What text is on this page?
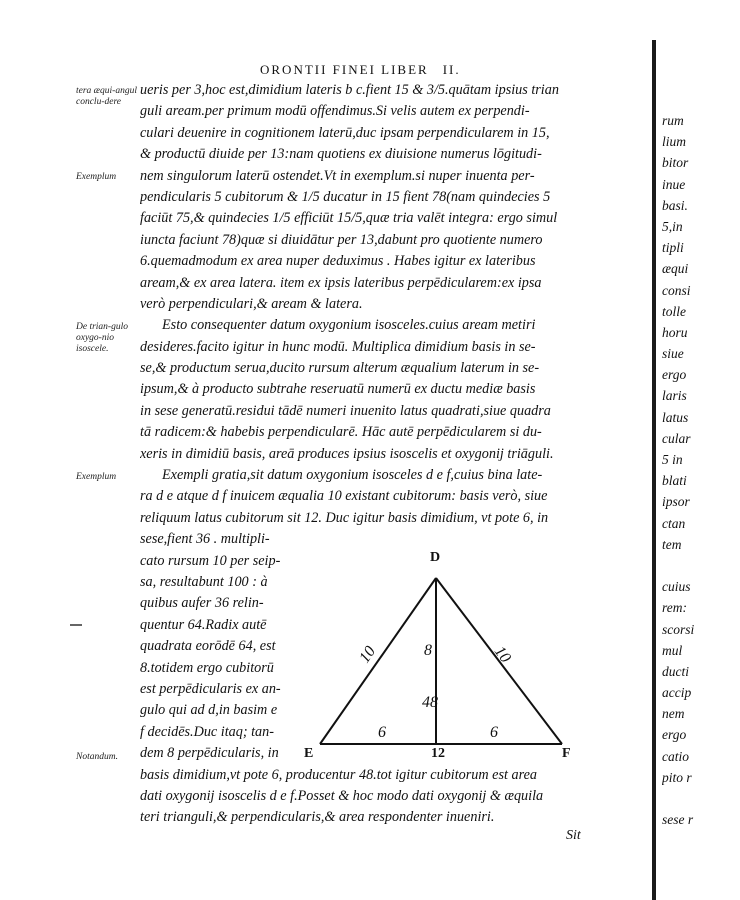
ORONTII FINEI LIBER II.
tera æqui-angul conclu-dere
Exemplum
De trian-gulo oxygo-nio isoscele.
Exemplum
Notandum.
ueris per 3,hoc est,dimidium lateris b c.fient 15 & 3/5.quātam ipsius trian
guli aream.per primum modū offendimus.Si velis autem ex perpendi-
culari deuenire in cognitionem laterū,duc ipsam perpendicularem in 15,
& productū diuide per 13:nam quotiens ex diuisione numerus lōgitudi-
nem singulorum laterū ostendet.Vt in exemplum.si nuper inuenta per-
pendicularis 5 cubitorum & 1/5 ducatur in 15 fient 78(nam quindecies 5
faciūt 75,& quindecies 1/5 efficiūt 15/5,quæ tria valēt integra: ergo simul
iuncta faciunt 78)quæ si diuidātur per 13,dabunt pro quotiente numero
6.quemadmodum ex area nuper deduximus . Habes igitur ex lateribus
aream,& ex area latera. item ex ipsis lateribus perpēdicularem:ex ipsa
verò perpendiculari,& aream & latera.
Esto consequenter datum oxygonium isosceles.cuius aream metiri
desideres.facito igitur in hunc modū. Multiplica dimidium basis in se-
se,& productum serua,ducito rursum alterum æqualium laterum in se-
ipsum,& à producto subtrahe reseruatū numerū ex ductu mediæ basis
in sese generatū.residui tādē numeri inuenito latus quadrati,siue quadra
tā radicem:& habebis perpendicularē. Hāc autē perpēdicularem si du-
xeris in dimidiū basis, areā produces ipsius isoscelis et oxygonij triāguli.
Exempli gratia,sit datum oxygonium isosceles d e f,cuius bina late-
ra d e atque d f inuicem æqualia 10 existant cubitorum: basis verò, siue
reliquum latus cubitorum sit 12. Duc igitur basis dimidium, vt pote 6, in
sese,fient 36 . multipli-
cato rursum 10 per seip-
sa, resultabunt 100 : à
quibus aufer 36 relin-
quentur 64.Radix autē
quadrata eorōdē 64, est
8.totidem ergo cubitorū
est perpēdicularis ex an-
gulo qui ad d,in basim e
f decidēs.Duc itaq; tan-
dem 8 perpēdicularis, in
basis dimidium,vt pote 6, producentur 48.tot igitur cubitorum est area
dati oxygonij isoscelis d e f.Posset & hoc modo dati oxygonij & æquila
teri trianguli,& perpendicularis,& area respondenter inueniri.
D
E	F
10	10
8
48
12
6	6
Sit
rum
lium
bitor
inue
basi.
5,in
tipli
æqui
consi
tolle
horu
siue
ergo
laris
latus
cular
5 in
blati
ipsor
ctan
tem
cuius
rem:
scorsi
mul
ducti
accip
nem
ergo
catio
pito r
sese r
